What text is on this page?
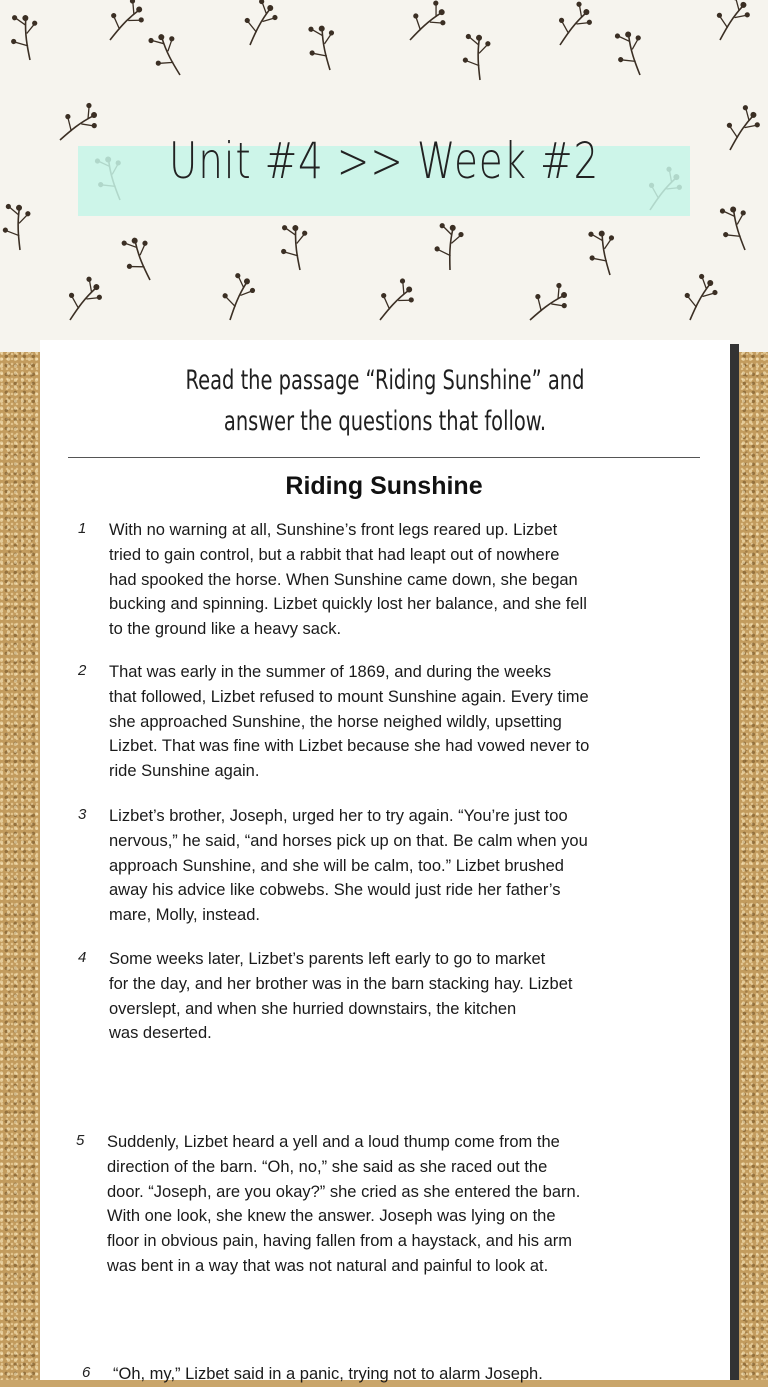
Unit #4 >> Week #2
Read the passage “Riding Sunshine” and answer the questions that follow.
Riding Sunshine
1 With no warning at all, Sunshine’s front legs reared up. Lizbet
tried to gain control, but a rabbit that had leapt out of nowhere
had spooked the horse. When Sunshine came down, she began
bucking and spinning. Lizbet quickly lost her balance, and she fell
to the ground like a heavy sack.
2 That was early in the summer of 1869, and during the weeks
that followed, Lizbet refused to mount Sunshine again. Every time
she approached Sunshine, the horse neighed wildly, upsetting
Lizbet. That was fine with Lizbet because she had vowed never to
ride Sunshine again.
3 Lizbet’s brother, Joseph, urged her to try again. “You’re just too
nervous,” he said, “and horses pick up on that. Be calm when you
approach Sunshine, and she will be calm, too.” Lizbet brushed
away his advice like cobwebs. She would just ride her father’s
mare, Molly, instead.
4 Some weeks later, Lizbet’s parents left early to go to market
for the day, and her brother was in the barn stacking hay. Lizbet
overslept, and when she hurried downstairs, the kitchen
was deserted.
5 Suddenly, Lizbet heard a yell and a loud thump come from the
direction of the barn. “Oh, no,” she said as she raced out the
door. “Joseph, are you okay?” she cried as she entered the barn.
With one look, she knew the answer. Joseph was lying on the
floor in obvious pain, having fallen from a haystack, and his arm
was bent in a way that was not natural and painful to look at.
6 “Oh, my,” Lizbet said in a panic, trying not to alarm Joseph.
